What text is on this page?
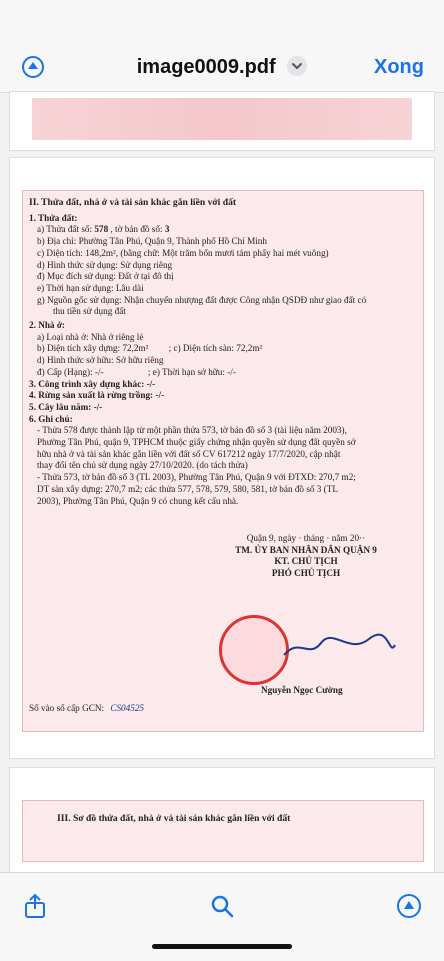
image0009.pdf	Xong
II. Thửa đất, nhà ở và tài sản khác gắn liền với đất
1. Thửa đất:
a) Thửa đất số: 578 , tờ bản đồ số: 3
b) Địa chỉ: Phường Tân Phú, Quận 9, Thành phố Hồ Chí Minh
c) Diện tích: 148,2m², (bằng chữ: Một trăm bốn mươi tám phẩy hai mét vuông)
d) Hình thức sử dụng: Sử dụng riêng
đ) Mục đích sử dụng: Đất ở tại đô thị
e) Thời hạn sử dụng: Lâu dài
g) Nguồn gốc sử dụng: Nhận chuyển nhượng đất được Công nhận QSDĐ như giao đất có
thu tiền sử dụng đất
2. Nhà ở:
a) Loại nhà ở: Nhà ở riêng lẻ
b) Diện tích xây dựng: 72,2m² ; c) Diện tích sàn: 72,2m²
d) Hình thức sở hữu: Sở hữu riêng
đ) Cấp (Hạng): -/-	; e) Thời hạn sở hữu: -/-
3. Công trình xây dựng khác: -/-
4. Rừng sản xuất là rừng trồng: -/-
5. Cây lâu năm: -/-
6. Ghi chú:
- Thửa 578 được thành lập từ một phần thửa 573, tờ bản đồ số 3 (tài liệu năm 2003),
Phường Tân Phú, quận 9, TPHCM thuộc giấy chứng nhận quyền sử dụng đất quyền sở
hữu nhà ở và tài sản khác gắn liền với đất số CV 617212 ngày 17/7/2020, cập nhật
thay đổi tên chủ sử dụng ngày 27/10/2020. (do tách thửa)
- Thửa 573, tờ bản đồ số 3 (TL 2003), Phường Tân Phú, Quận 9 với ĐTXD: 270,7 m2;
DT sàn xây dựng: 270,7 m2; các thửa 577, 578, 579, 580, 581, tờ bản đồ số 3 (TL
2003), Phường Tân Phú, Quận 9 có chung kết cấu nhà.
Quận 9, ngày · tháng · năm 20··
TM. ỦY BAN NHÂN DÂN QUẬN 9
KT. CHỦ TỊCH
PHÓ CHỦ TỊCH
Nguyễn Ngọc Cường
Số vào sổ cấp GCN: CS04525
III. Sơ đồ thửa đất, nhà ở và tài sản khác gắn liền với đất
